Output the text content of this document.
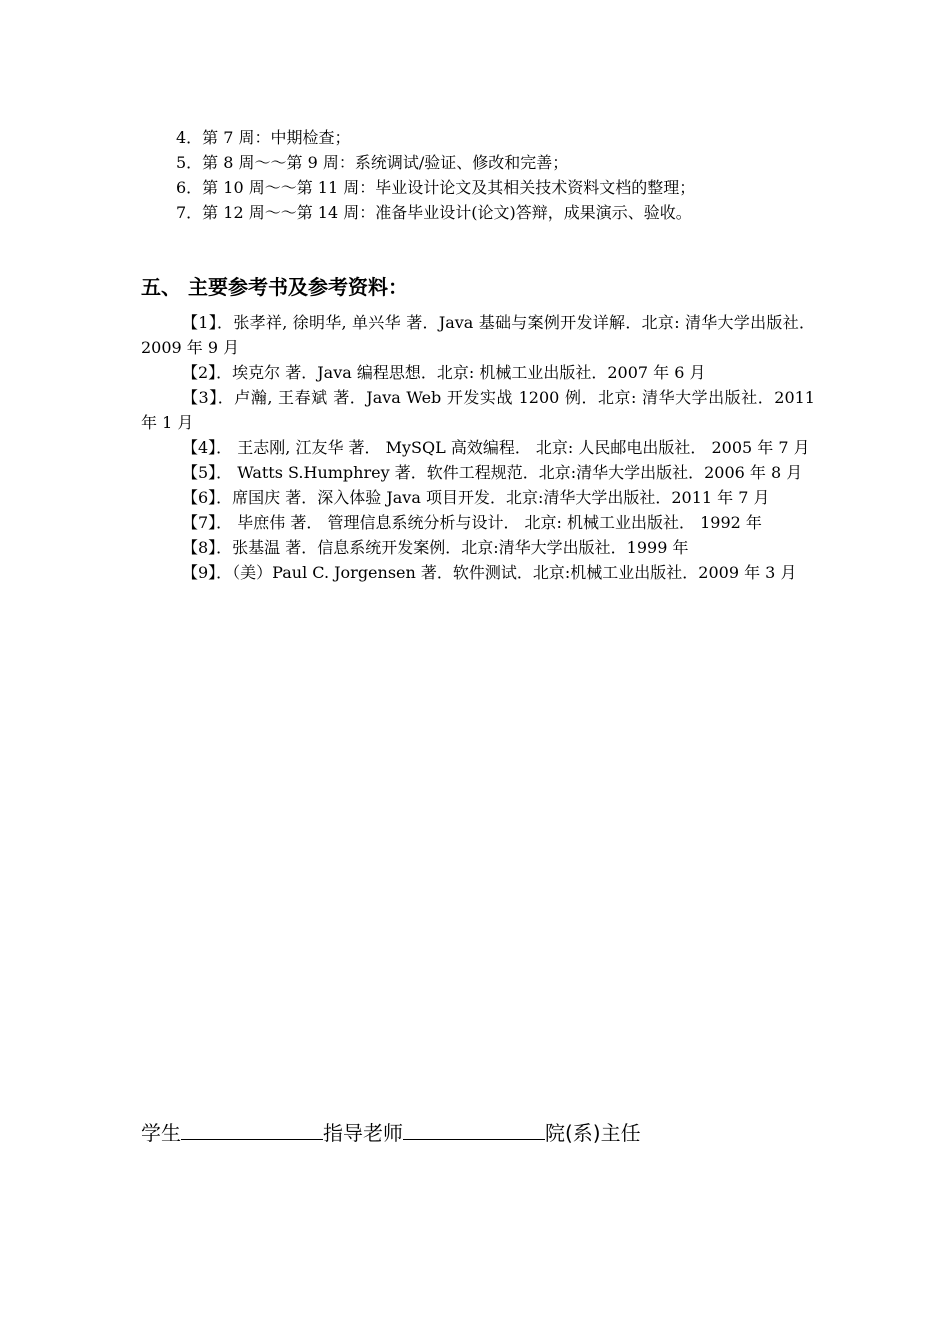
4．第 7 周：中期检查；
5．第 8 周～～第 9 周：系统调试/验证、修改和完善；
6．第 10 周～～第 11 周：毕业设计论文及其相关技术资料文档的整理；
7．第 12 周～～第 14 周：准备毕业设计(论文)答辩，成果演示、验收。
五、 主要参考书及参考资料：
【1】．张孝祥, 徐明华, 单兴华 著．Java 基础与案例开发详解．北京: 清华大学出版社．2009 年 9 月
【2】．埃克尔 著．Java 编程思想．北京: 机械工业出版社．2007 年 6 月
【3】．卢瀚, 王春斌 著．Java Web 开发实战 1200 例．北京: 清华大学出版社．2011 年 1 月
【4】． 王志刚, 江友华 著． MySQL 高效编程． 北京: 人民邮电出版社． 2005 年 7 月
【5】． Watts S.Humphrey 著．软件工程规范．北京:清华大学出版社．2006 年 8 月
【6】．席国庆 著．深入体验 Java 项目开发．北京:清华大学出版社．2011 年 7 月
【7】． 毕庶伟 著． 管理信息系统分析与设计． 北京: 机械工业出版社． 1992 年
【8】．张基温 著．信息系统开发案例．北京:清华大学出版社．1999 年
【9】．（美）Paul C. Jorgensen 著．软件测试．北京:机械工业出版社．2009 年 3 月
学生	指导老师	院(系)主任
